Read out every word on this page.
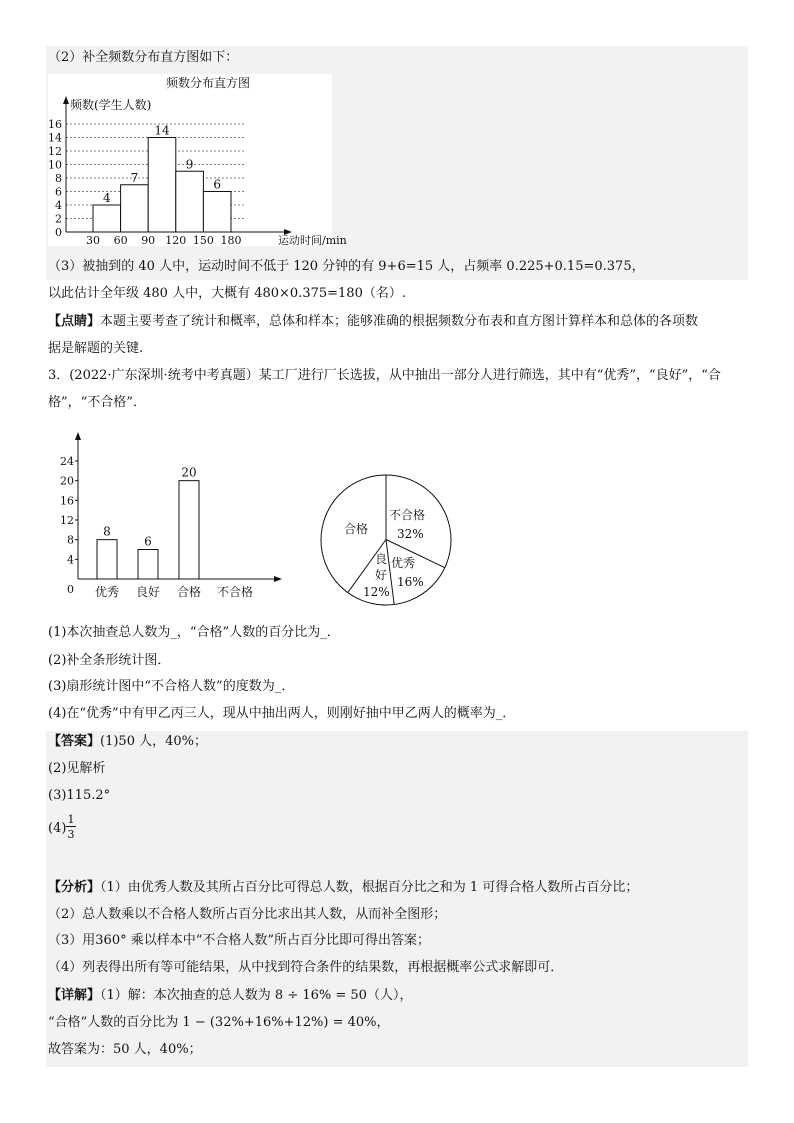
（2）补全频数分布直方图如下：
频数分布直方图
频数(学生人数)
运动时间/min
4
7
14
9
6
0
2
4
6
8
10
12
14
16
30 60 90 120 150 180
（3）被抽到的 40 人中，运动时间不低于 120 分钟的有 9+6=15 人，占频率 0.225+0.15=0.375，
以此估计全年级 480 人中，大概有 480×0.375=180（名）.
【点睛】本题主要考查了统计和概率，总体和样本；能够准确的根据频数分布表和直方图计算样本和总体的各项数
据是解题的关键.
3．(2022·广东深圳·统考中考真题）某工厂进行厂长选拔，从中抽出一部分人进行筛选，其中有“优秀”，“良好”，“合
格”，“不合格”．
8
6
20
0
4
8
12
16
20
24
优秀 良好 合格 不合格
不合格
32%
优秀
16%
良
好
12%
合格
(1)本次抽查总人数为_，“合格”人数的百分比为_．
(2)补全条形统计图．
(3)扇形统计图中“不合格人数”的度数为_．
(4)在“优秀”中有甲乙丙三人，现从中抽出两人，则刚好抽中甲乙两人的概率为_．
【答案】(1)50 人，40%；
(2)见解析
(3)115.2°
(4)
1
3
【分析】（1）由优秀人数及其所占百分比可得总人数，根据百分比之和为 1 可得合格人数所占百分比；
（2）总人数乘以不合格人数所占百分比求出其人数，从而补全图形；
（3）用360° 乘以样本中“不合格人数”所占百分比即可得出答案；
（4）列表得出所有等可能结果，从中找到符合条件的结果数，再根据概率公式求解即可．
【详解】（1）解：本次抽查的总人数为 8 ÷ 16% = 50（人），
“合格”人数的百分比为 1 − (32%+16%+12%) = 40%，
故答案为：50 人，40%；
